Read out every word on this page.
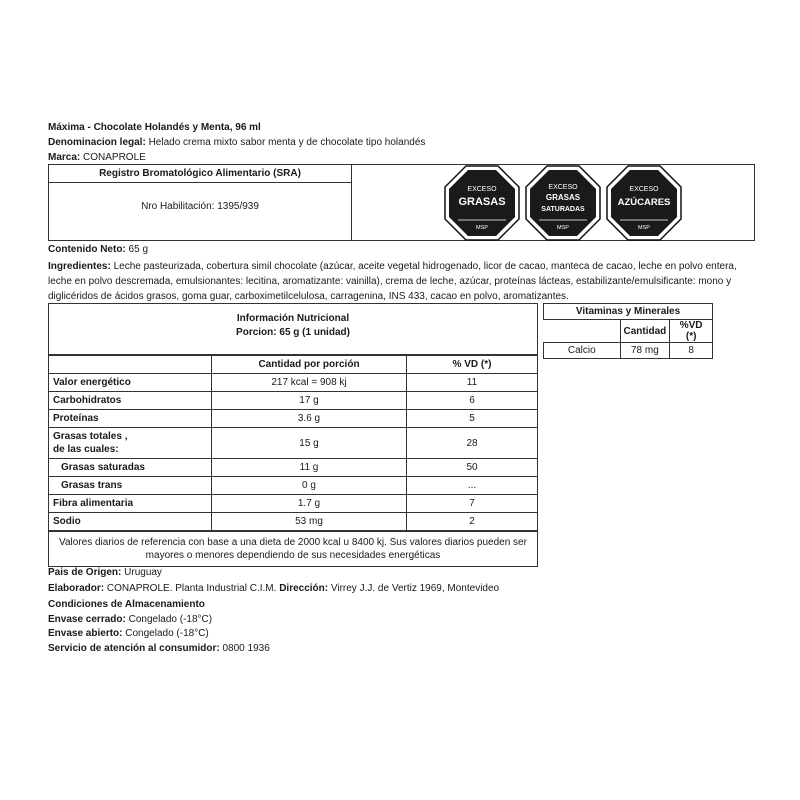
Máxima - Chocolate Holandés y Menta, 96 ml
Denominacion legal: Helado crema mixto sabor menta y de chocolate tipo holandés
Marca: CONAPROLE
Registro Bromatológico Alimentario (SRA)
Nro Habilitación: 1395/939
EXCESO
GRASAS
MSP
EXCESO
GRASAS
SATURADAS
MSP
EXCESO
AZÚCARES
MSP
Contenido Neto: 65 g
Ingredientes: Leche pasteurizada, cobertura simil chocolate (azúcar, aceite vegetal hidrogenado, licor de cacao, manteca de cacao, leche en polvo entera, leche en polvo descremada, emulsionantes: lecitina, aromatizante: vainilla), crema de leche, azúcar, proteínas lácteas, estabilizante/emulsificante: mono y diglicéridos de ácidos grasos, goma guar, carboximetilcelulosa, carragenina, INS 433, cacao en polvo, aromatizantes.
Información Nutricional
Porcion: 65 g (1 unidad)
	Cantidad por porción	% VD (*)
Valor energético	217 kcal = 908 kj	11
Carbohidratos	17 g	6
Proteínas	3.6 g	5

Grasas totales ,
de las cuales:	15 g	28
Grasas saturadas	11 g	50
Grasas trans	0 g	...
Fibra alimentaria	1.7 g	7
Sodio	53 mg	2
Valores diarios de referencia con base a una dieta de 2000 kcal u 8400 kj. Sus valores diarios pueden ser mayores o menores dependiendo de sus necesidades energéticas
Vitaminas y Minerales		
	Cantidad	%VD (*)
Calcio	78 mg	8
Pais de Origen: Uruguay
Elaborador: CONAPROLE. Planta Industrial C.I.M. Dirección: Virrey J.J. de Vertiz 1969, Montevideo
Condiciones de Almacenamiento
Envase cerrado: Congelado (-18°C)
Envase abierto: Congelado (-18°C)
Servicio de atención al consumidor: 0800 1936
